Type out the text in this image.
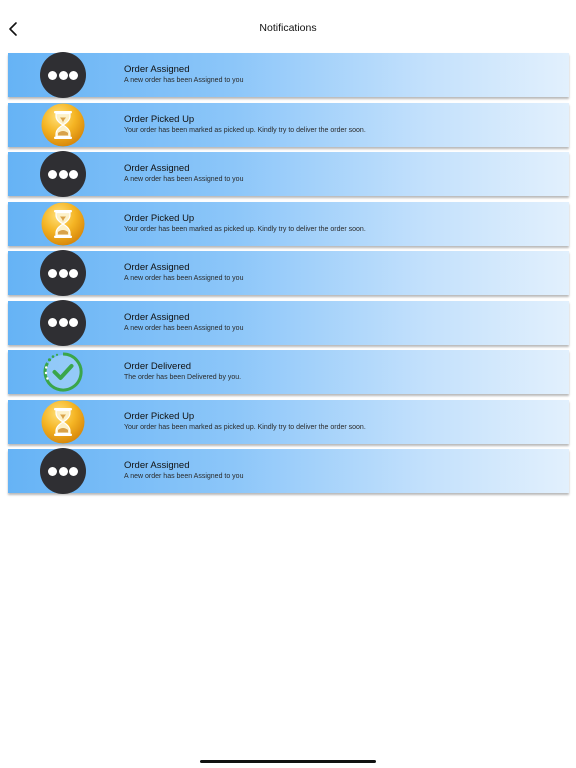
Notifications
Order Assigned
A new order has been Assigned to you
Order Picked Up
Your order has been marked as picked up. Kindly try to deliver the order soon.
Order Assigned
A new order has been Assigned to you
Order Picked Up
Your order has been marked as picked up. Kindly try to deliver the order soon.
Order Assigned
A new order has been Assigned to you
Order Assigned
A new order has been Assigned to you
Order Delivered
The order has been Delivered by you.
Order Picked Up
Your order has been marked as picked up. Kindly try to deliver the order soon.
Order Assigned
A new order has been Assigned to you
